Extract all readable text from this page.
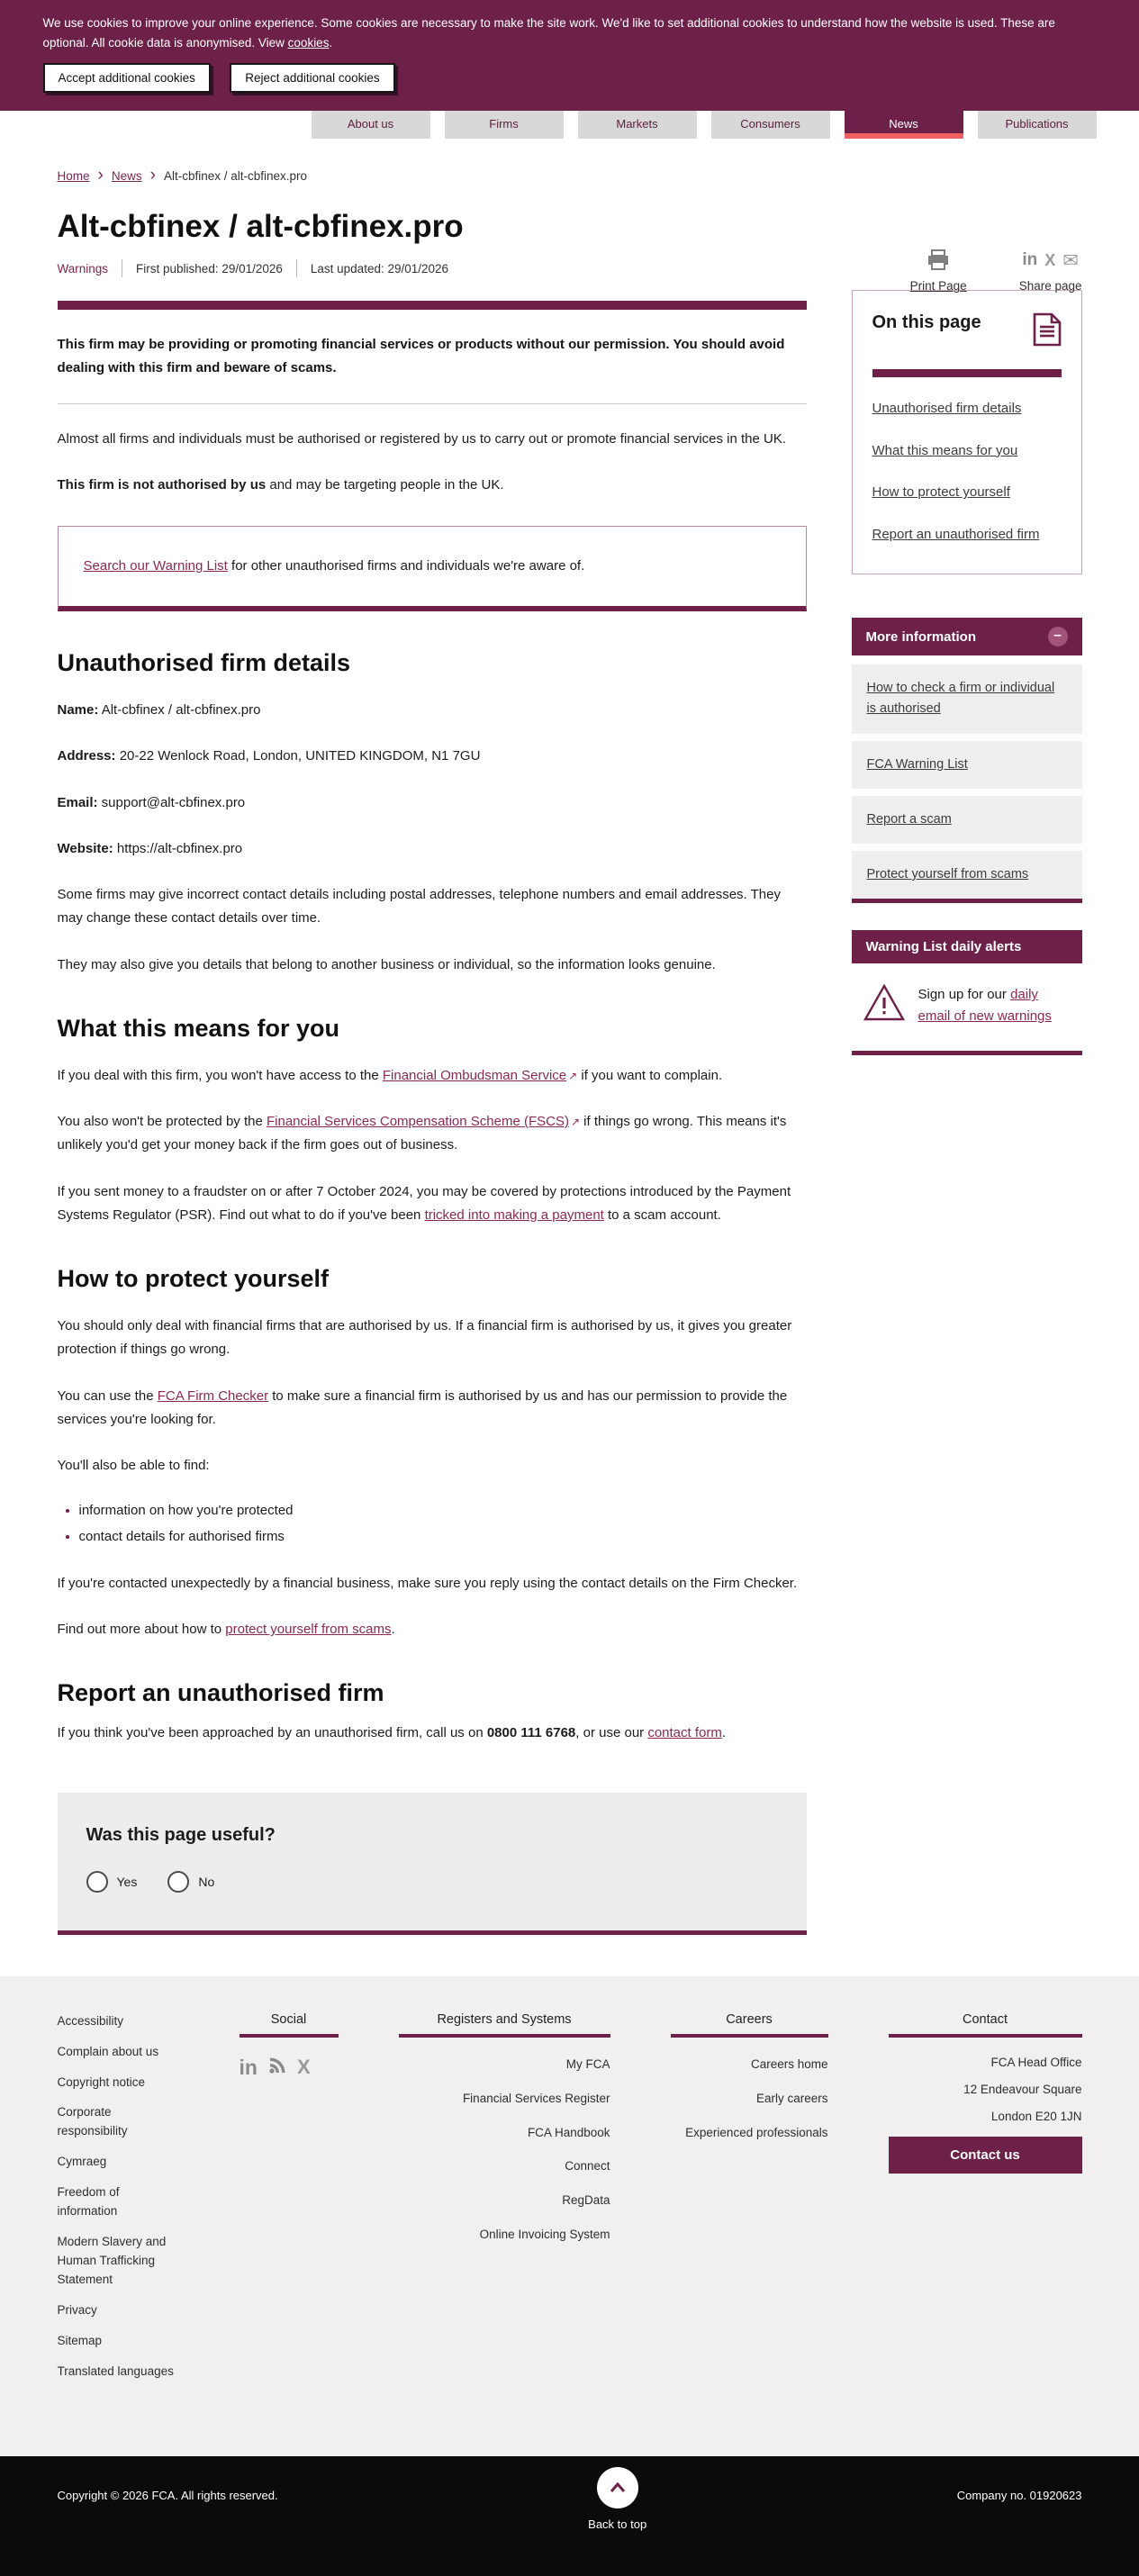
We use cookies to improve your online experience. Some cookies are necessary to make the site work. We'd like to set additional cookies to understand how the website is used. These are optional. All cookie data is anonymised. View cookies.
Accept additional cookies	Reject additional cookies
About us	Firms	Markets	Consumers	News	Publications
Home › News › Alt-cbfinex / alt-cbfinex.pro
Alt-cbfinex / alt-cbfinex.pro
Warnings First published: 29/01/2026 Last updated: 29/01/2026
Print Page
in X ✉
Share page

This firm may be providing or promoting financial services or products without our permission. You should avoid dealing with this firm and beware of scams.

Almost all firms and individuals must be authorised or registered by us to carry out or promote financial services in the UK.

This firm is not authorised by us and may be targeting people in the UK.

Search our Warning List for other unauthorised firms and individuals we're aware of.
Unauthorised firm details

Name: Alt-cbfinex / alt-cbfinex.pro

Address: 20-22 Wenlock Road, London, UNITED KINGDOM, N1 7GU

Email: support@alt-cbfinex.pro

Website: https://alt-cbfinex.pro

Some firms may give incorrect contact details including postal addresses, telephone numbers and email addresses. They may change these contact details over time.

They may also give you details that belong to another business or individual, so the information looks genuine.

What this means for you

If you deal with this firm, you won't have access to the Financial Ombudsman Service ↗ if you want to complain.

You also won't be protected by the Financial Services Compensation Scheme (FSCS) ↗ if things go wrong. This means it's unlikely you'd get your money back if the firm goes out of business.

If you sent money to a fraudster on or after 7 October 2024, you may be covered by protections introduced by the Payment Systems Regulator (PSR). Find out what to do if you've been tricked into making a payment to a scam account.

How to protect yourself

You should only deal with financial firms that are authorised by us. If a financial firm is authorised by us, it gives you greater protection if things go wrong.

You can use the FCA Firm Checker to make sure a financial firm is authorised by us and has our permission to provide the services you're looking for.

You'll also be able to find:

• information on how you're protected
• contact details for authorised firms

If you're contacted unexpectedly by a financial business, make sure you reply using the contact details on the Firm Checker.

Find out more about how to protect yourself from scams.

Report an unauthorised firm

If you think you've been approached by an unauthorised firm, call us on 0800 111 6768, or use our contact form.

Was this page useful?
Yes	No
On this page
Unauthorised firm details
What this means for you
How to protect yourself
Report an unauthorised firm
More information	–
How to check a firm or individual is authorised
FCA Warning List
Report a scam
Protect yourself from scams
Warning List daily alerts
Sign up for our daily email of new warnings
Accessibility
Complain about us
Copyright notice
Corporate responsibility
Cymraeg
Freedom of information
Modern Slavery and Human Trafficking Statement
Privacy
Sitemap
Translated languages
Social
in X
Registers and Systems
My FCA
Financial Services Register
FCA Handbook
Connect
RegData
Online Invoicing System
Careers
Careers home
Early careers
Experienced professionals
Contact
FCA Head Office
12 Endeavour Square
London E20 1JN
Contact us
Copyright © 2026 FCA. All rights reserved.
Back to top
Company no. 01920623
